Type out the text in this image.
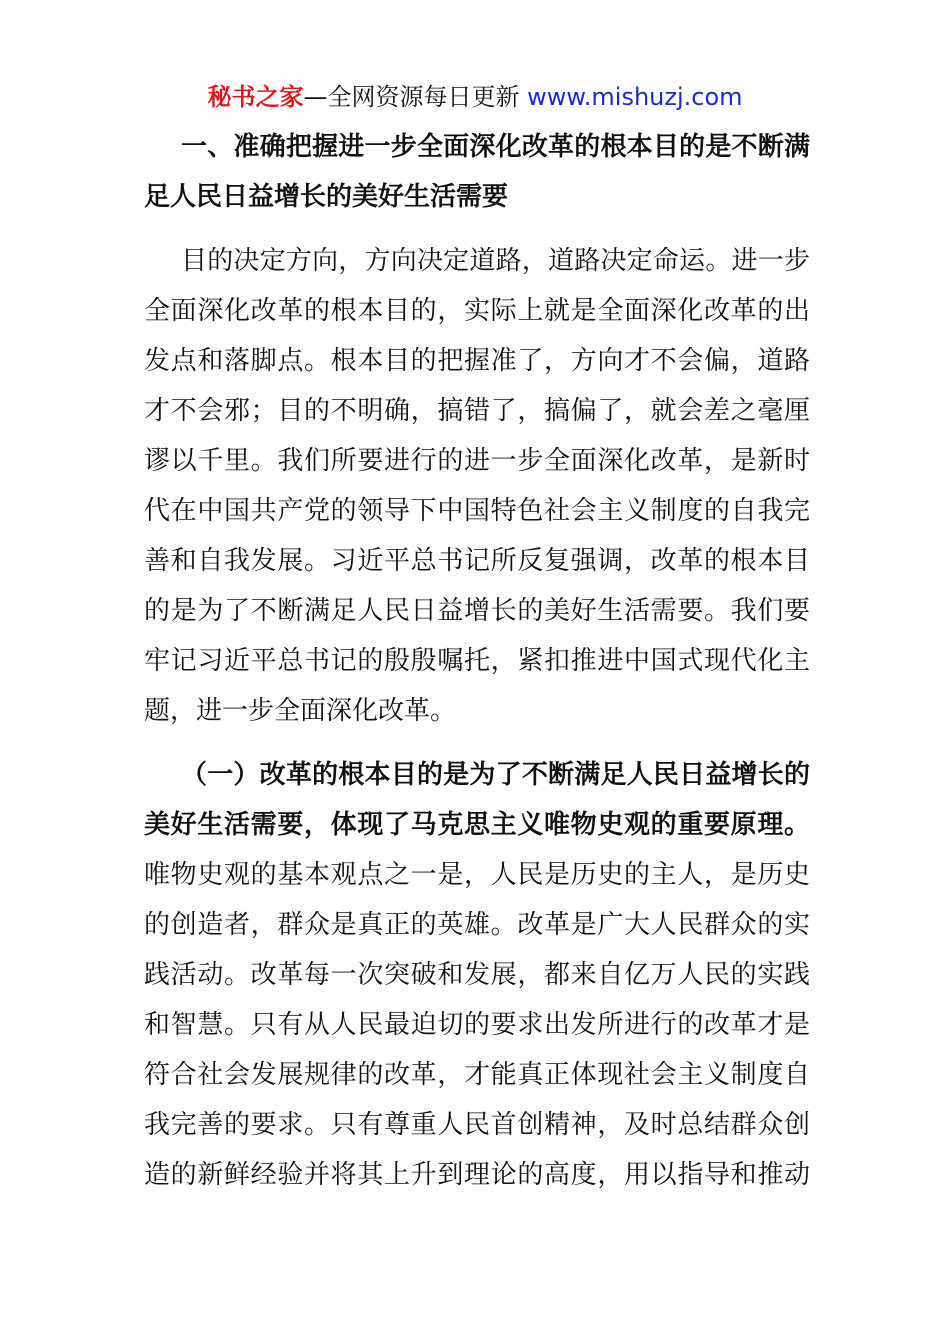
秘书之家—全网资源每日更新 www.mishuzj.com
一、准确把握进一步全面深化改革的根本目的是不断满
足人民日益增长的美好生活需要
目的决定方向，方向决定道路，道路决定命运。进一步
全面深化改革的根本目的，实际上就是全面深化改革的出
发点和落脚点。根本目的把握准了，方向才不会偏，道路
才不会邪；目的不明确，搞错了，搞偏了，就会差之毫厘
谬以千里。我们所要进行的进一步全面深化改革，是新时
代在中国共产党的领导下中国特色社会主义制度的自我完
善和自我发展。习近平总书记所反复强调，改革的根本目
的是为了不断满足人民日益增长的美好生活需要。我们要
牢记习近平总书记的殷殷嘱托，紧扣推进中国式现代化主
题，进一步全面深化改革。
（一）改革的根本目的是为了不断满足人民日益增长的
美好生活需要，体现了马克思主义唯物史观的重要原理。
唯物史观的基本观点之一是，人民是历史的主人，是历史
的创造者，群众是真正的英雄。改革是广大人民群众的实
践活动。改革每一次突破和发展，都来自亿万人民的实践
和智慧。只有从人民最迫切的要求出发所进行的改革才是
符合社会发展规律的改革，才能真正体现社会主义制度自
我完善的要求。只有尊重人民首创精神，及时总结群众创
造的新鲜经验并将其上升到理论的高度，用以指导和推动
